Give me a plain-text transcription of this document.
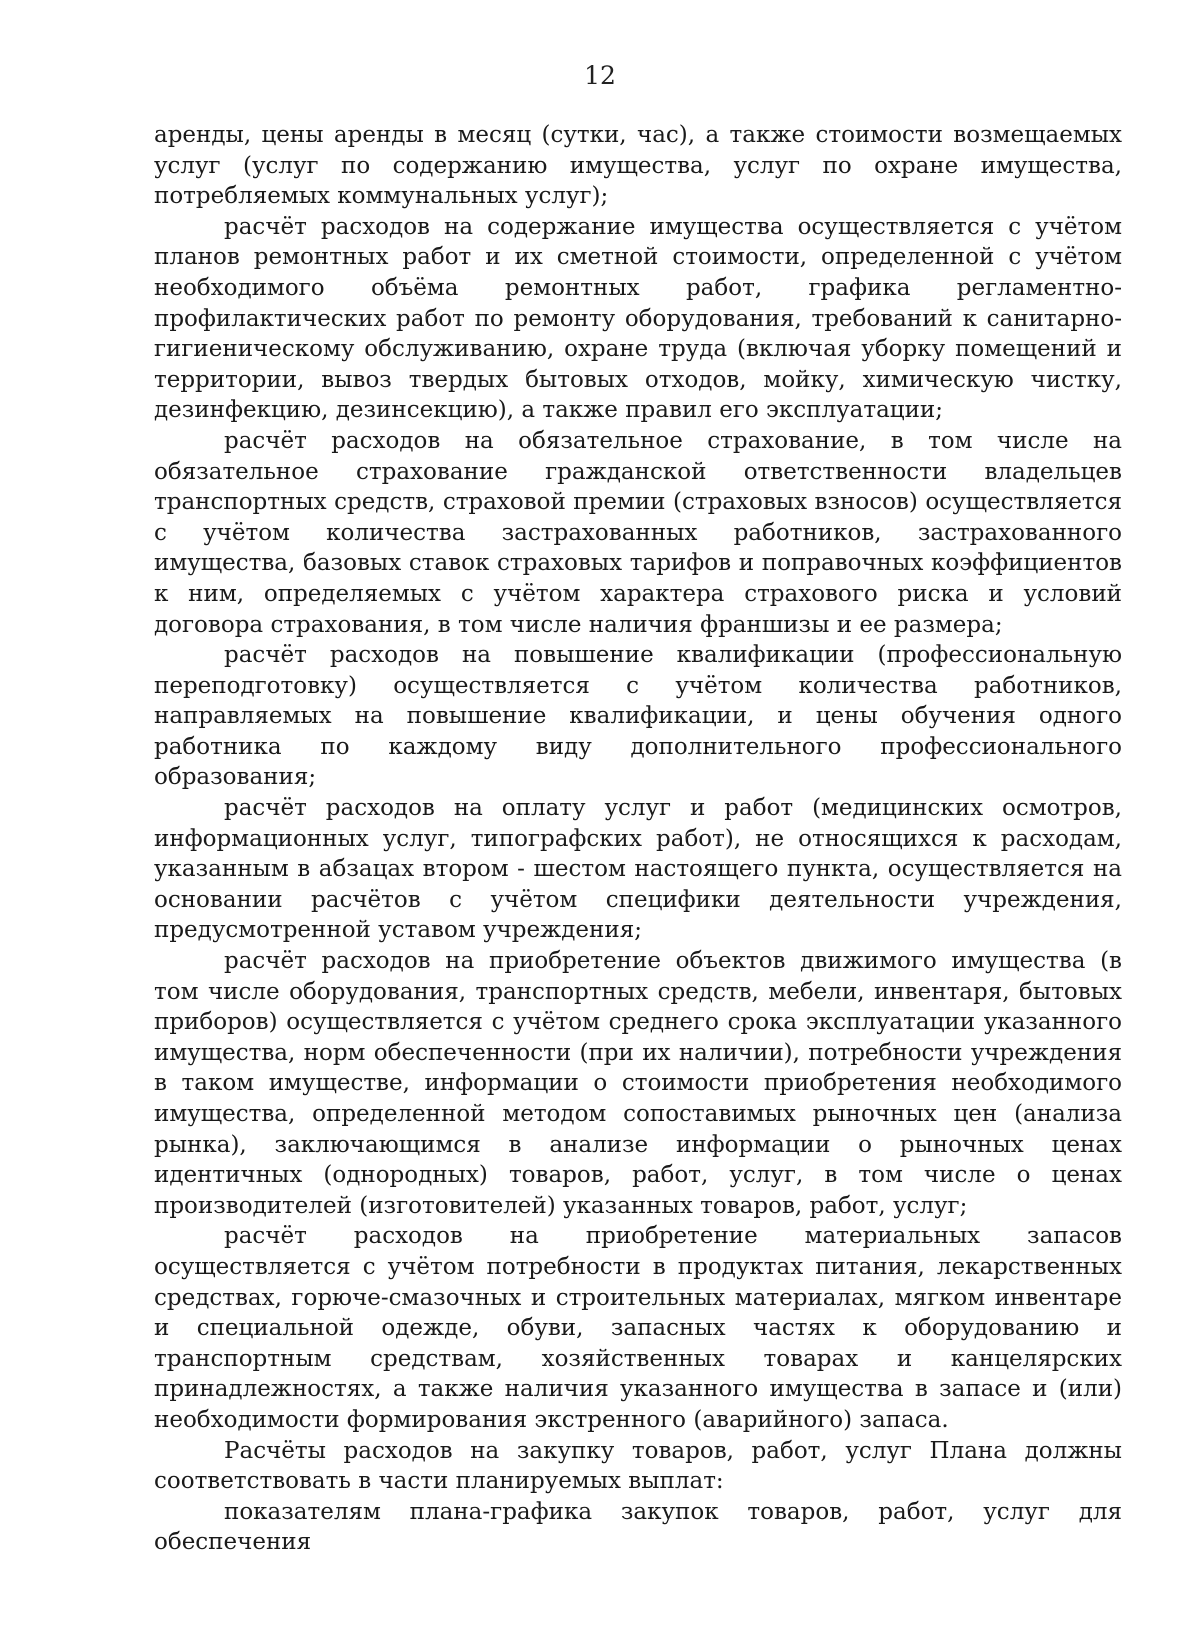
12

аренды, цены аренды в месяц (сутки, час), а также стоимости возмещаемых услуг (услуг по содержанию имущества, услуг по охране имущества, потребляемых коммунальных услуг);

расчёт расходов на содержание имущества осуществляется с учётом планов ремонтных работ и их сметной стоимости, определенной с учётом необходимого объёма ремонтных работ, графика регламентно-профилактических работ по ремонту оборудования, требований к санитарно-гигиеническому обслуживанию, охране труда (включая уборку помещений и территории, вывоз твердых бытовых отходов, мойку, химическую чистку, дезинфекцию, дезинсекцию), а также правил его эксплуатации;

расчёт расходов на обязательное страхование, в том числе на обязательное страхование гражданской ответственности владельцев транспортных средств, страховой премии (страховых взносов) осуществляется с учётом количества застрахованных работников, застрахованного имущества, базовых ставок страховых тарифов и поправочных коэффициентов к ним, определяемых с учётом характера страхового риска и условий договора страхования, в том числе наличия франшизы и ее размера;

расчёт расходов на повышение квалификации (профессиональную переподготовку) осуществляется с учётом количества работников, направляемых на повышение квалификации, и цены обучения одного работника по каждому виду дополнительного профессионального образования;

расчёт расходов на оплату услуг и работ (медицинских осмотров, информационных услуг, типографских работ), не относящихся к расходам, указанным в абзацах втором - шестом настоящего пункта, осуществляется на основании расчётов с учётом специфики деятельности учреждения, предусмотренной уставом учреждения;

расчёт расходов на приобретение объектов движимого имущества (в том числе оборудования, транспортных средств, мебели, инвентаря, бытовых приборов) осуществляется с учётом среднего срока эксплуатации указанного имущества, норм обеспеченности (при их наличии), потребности учреждения в таком имуществе, информации о стоимости приобретения необходимого имущества, определенной методом сопоставимых рыночных цен (анализа рынка), заключающимся в анализе информации о рыночных ценах идентичных (однородных) товаров, работ, услуг, в том числе о ценах производителей (изготовителей) указанных товаров, работ, услуг;

расчёт расходов на приобретение материальных запасов осуществляется с учётом потребности в продуктах питания, лекарственных средствах, горюче-смазочных и строительных материалах, мягком инвентаре и специальной одежде, обуви, запасных частях к оборудованию и транспортным средствам, хозяйственных товарах и канцелярских принадлежностях, а также наличия указанного имущества в запасе и (или) необходимости формирования экстренного (аварийного) запаса.

Расчёты расходов на закупку товаров, работ, услуг Плана должны соответствовать в части планируемых выплат:

показателям плана-графика закупок товаров, работ, услуг для обеспечения
